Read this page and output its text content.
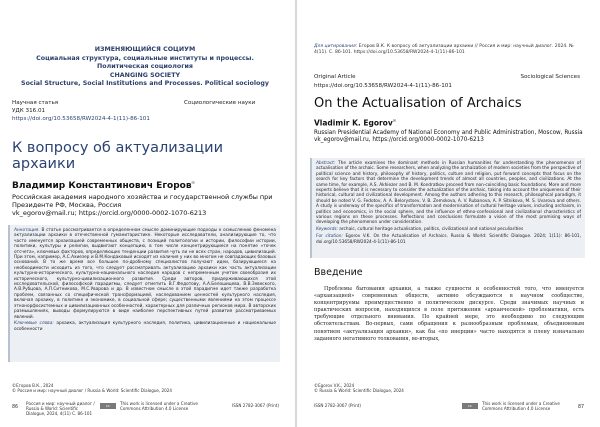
ИЗМЕНЯЮЩИЙСЯ СОЦИУМ
Социальная структура, социальные институты и процессы.
Политическая социология
CHANGING SOCIETY
Social Structure, Social Institutions and Processes. Political sociology
Научная статья	Социологические науки
УДК 316.01
https://doi.org/10.53658/RW2024-4-1(11)-86-101
К вопросу об актуализации архаики
Владимир Константинович Егоров✉
Российская академия народного хозяйства и государственной службы при Президенте РФ, Москва, Россия
vk_egorov@mail.ru; https://orcid.org/0000-0002-1070-6213

Аннотация. В статье рассматривается в определенном смысле доминирующие подходы к осмыслению феномена актуализации архаики в отечественной гуманитаристике. Некоторые исследователи, анализирующие то, что часто именуется архаизацией современных обществ, с позиций политологии и истории, философии истории, политики, культуры и религии, выдвигают концепцию, в том числе концентрирующиеся на понятие «точек отсчета», ключевых факторов, определяющих тенденции развития чуть ли не всех стран, народов, цивилизаций. При этом, например, А.С.Ахиезер и В.М.Кондаковый исходят из наличия у них во многом не совпадающих базовых оснований. В то же время все большее по-дробному специалистов получают идеи, базирующиеся на необходимости исходить из того, что следует рассматривать актуализацию архаики как часть актуализации культурно-исторического, культурно-национального наследия народов с непременным учетом своеобразия их исторического, культурно-цивилизационного развития. Среди авторов, придерживающихся этой исследовательской, философской парадигмы, следует отметить В.Г.Федотову, А.А.Белошицева, В.В.Зевеского, А.В.Рубцова, А.П.Ситникова, М.С.Уварова и др. В известном смысле в этой парадигме идет также разработка проблем, связанных со специфической трансформацией, наследованием ценностей культурного наследия, включая архаику, в политике и экономике, в социальной сфере; существенными явлениями на этом процессе этнонорфосистемных и цивилизационных особенностей, характерных для различных регионов мира. В авторских размышлениях, выводы формулируются в виде наиболее перспективных путей развития рассматриваемых явлений.

Ключевые слова: архаика, актуализация культурного наследия, политика, цивилизационные и национальные особенности

©Егоров В.К., 2024
© Россия и мир: научный диалог / Russia & World: Scientific Dialogue, 2024
86
Россия и мир: научный диалог / Russia & World: Scientific Dialogue, 2024, 4(11) С. 86-101
cc	This work is licensed under a Creative Commons Attribution 4.0 License
ISSN 2782-3067 (Print)
Для цитирования: Егоров В.К. К вопросу об актуализации архаики // Россия и мир: научный диалог. 2024. № 4(11). С. 86-101. https://doi.org/10.53658/RW2024-4-1(11)-86-101
Original Article	Sociological Sciences
https://doi.org/10.53658/RW2024-4-1(11)-86-101
On the Actualisation of Archaics
Vladimir K. Egorov✉
Russian Presidential Academy of National Economy and Public Administration, Moscow, Russia
vk_egorov@mail.ru, https://orcid.org/0000-0002-1070-6213

Abstract: The article examines the dominant methods in Russian humanities for understanding the phenomenon of actualisation of the archaic. Some researchers, when analyzing the archaization of modern societies from the perspective of political science and history, philosophy of history, politics, culture and religion, put forward concepts that focus on the search for key factors that determine the development trends of almost all countries, peoples, and civilizations. At the same time, for example, A.S. Akhiezer and B. M. Kondratkov proceed from non-coinciding basic foundations. More and more experts believe that it is necessary to consider the actualization of the archaic, taking into account the uniqueness of their historical, cultural and civilizational development. Among the authors adhering to this research, philosophical paradigm, it should be noted V. G. Fedotov, A. A. Belorystsev, V. B. Zemskova, A. V. Rubanova, A. P. Sitnikova, M. S. Uvarova and others. A study is underway of the specifics of transformation and modernisation of cultural heritage values, including archaism, in politics and economics, in the social sphere, and the influence of ethno-confessional and civilizational characteristics of various regions on these processes. Reflections and conclusions formulate a vision of the most promising ways of developing the phenomenon under consideration.

Keywords: archaic, cultural heritage actualisation, politics, civilizational and national peculiarities

For citation: Egorov V.K. On the Actualisation of Archaics. Russia & World: Scientific Dialogue. 2024; 1(11): 86-101, doi.org/10.53658/RW2024-4-1(11)-86-101

Введение

Проблемы бытования архаики, а также сущности и особенностей того, что именуется «архаизацией» современных обществ, активно обсуждаются в научном сообществе, концентрируемы преимущественно в политическом дискурсе. Среди значимых научных и практических вопросов, находящихся в поле притяжения «архаической» проблематики, есть требующие отдельного внимания. По крайней мере, это необходимо по следующим обстоятельствам. Во-первых, сами обращения к разнообразным проблемам, объединяемым понятием «актуализация архаики», как бы «по инерции» часто находятся в плену изначально заданного негативного толкования, во-вторых,

©Egorov V.K., 2024
© Russia & World: Scientific Dialogue, 2024
ISSN 2782-3067 (Print)	cc	This work is licensed under a Creative Commons Attribution 4.0 License	87
